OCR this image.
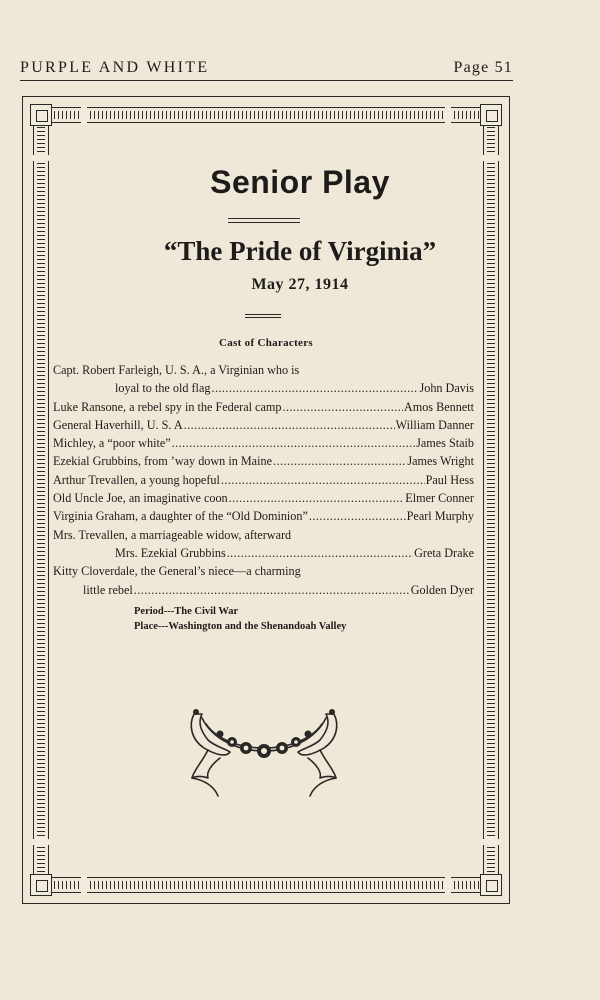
PURPLE AND WHITE	Page 51
Senior Play
“The Pride of Virginia”
May 27, 1914
Cast of Characters
Capt. Robert Farleigh, U. S. A., a Virginian who is
loyal to the old flag . . .	John Davis
Luke Ransone, a rebel spy in the Federal camp . . .	Amos Bennett
General Haverhill, U. S. A . . .	William Danner
Michley, a “poor white” . . .	James Staib
Ezekial Grubbins, from ’way down in Maine . . .	James Wright
Arthur Trevallen, a young hopeful . . .	Paul Hess
Old Uncle Joe, an imaginative coon . . .	Elmer Conner
Virginia Graham, a daughter of the “Old Dominion” . . .	Pearl Murphy
Mrs. Trevallen, a marriageable widow, afterward
Mrs. Ezekial Grubbins . . .	Greta Drake
Kitty Cloverdale, the General’s niece—a charming
little rebel . . .	Golden Dyer
Period---The Civil War
Place---Washington and the Shenandoah Valley
